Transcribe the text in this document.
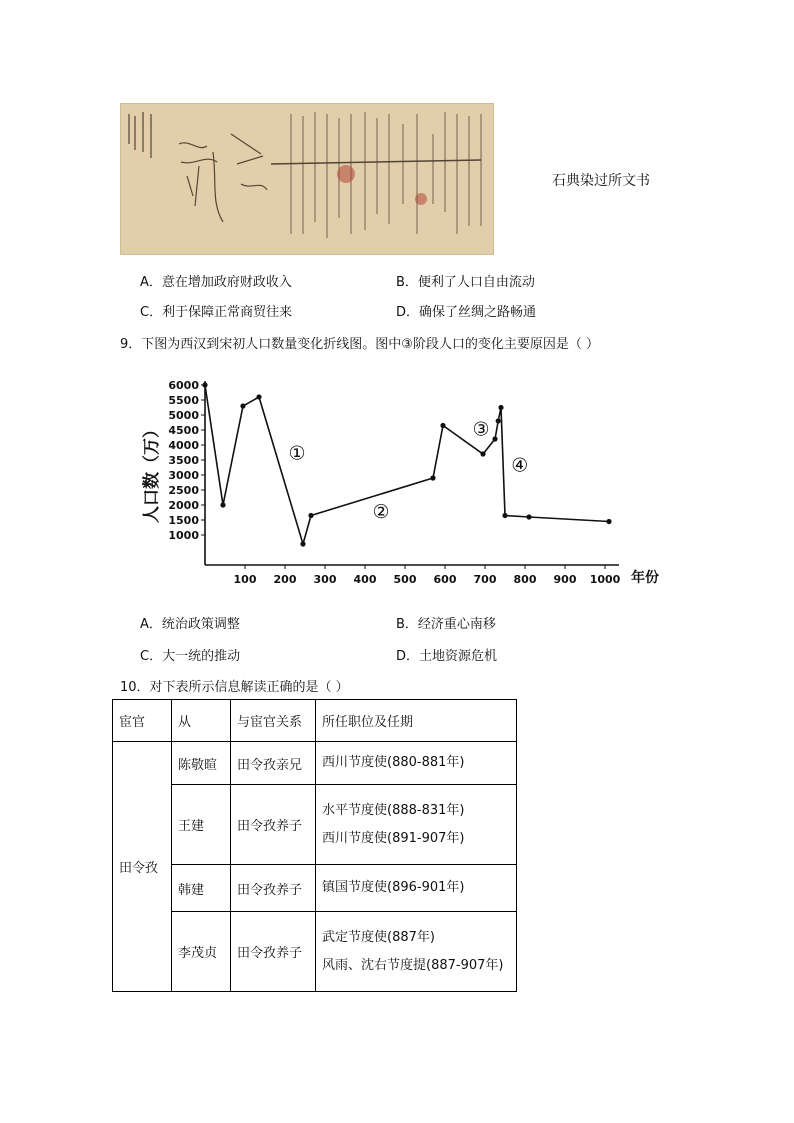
石典染过所文书
A．意在增加政府财政收入	B．便利了人口自由流动
C．利于保障正常商贸往来	D．确保了丝绸之路畅通
9．下图为西汉到宋初人口数量变化折线图。图中③阶段人口的变化主要原因是（ ）
1000
1500
2000
2500
3000
3500
4000
4500
5000
5500
6000
100 200 300 400 500 600 700 800 900 1000
①
②
③
④
人口数（万）
年份
A．统治政策调整	B．经济重心南移
C．大一统的推动	D．土地资源危机
10．对下表所示信息解读正确的是（ ）
宦官	从	与宦官关系	所任职位及任期
田令孜	陈敬暄	田令孜亲兄	西川节度使(880-881年)

	王建	田令孜养子	水平节度使(888-831年)
西川节度使(891-907年)

	韩建	田令孜养子	镇国节度使(896-901年)

	李茂贞	田令孜养子	武定节度使(887年)
风雨、沈右节度提(887-907年)
